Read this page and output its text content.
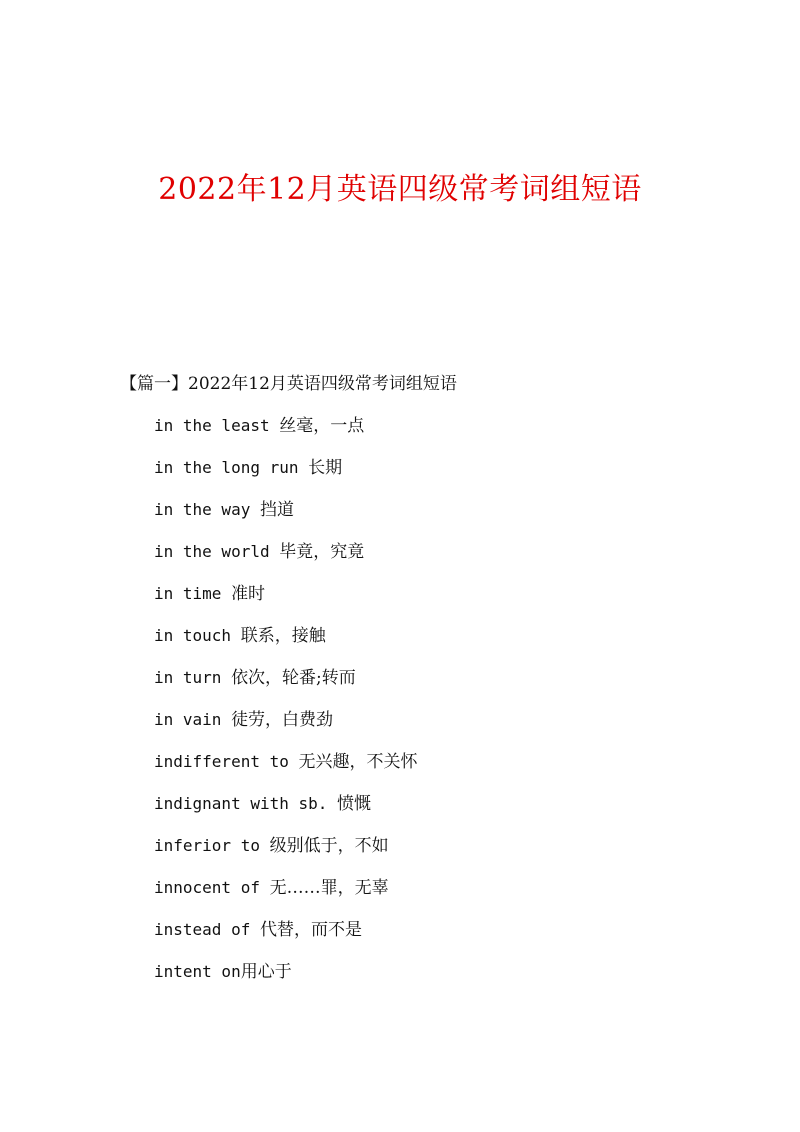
2022年12月英语四级常考词组短语
【篇一】2022年12月英语四级常考词组短语
in the least 丝毫，一点
in the long run 长期
in the way 挡道
in the world 毕竟，究竟
in time 准时
in touch 联系，接触
in turn 依次，轮番;转而
in vain 徒劳，白费劲
indifferent to 无兴趣，不关怀
indignant with sb. 愤慨
inferior to 级别低于，不如
innocent of 无……罪，无辜
instead of 代替，而不是
intent on用心于
